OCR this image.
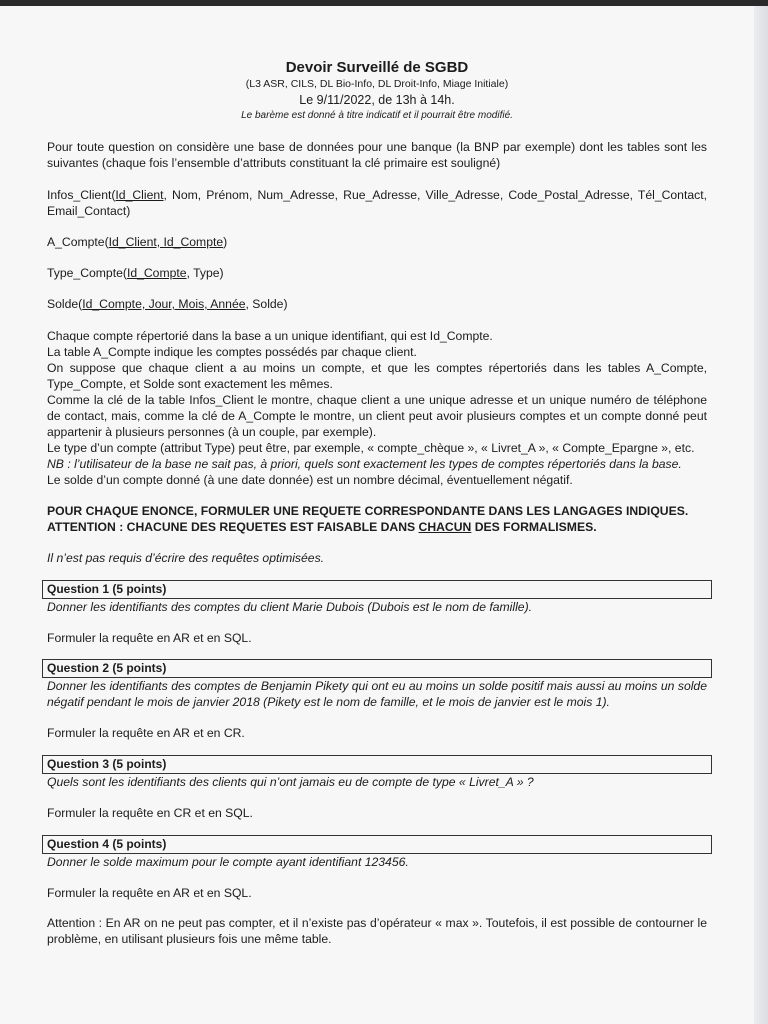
Devoir Surveillé de SGBD
(L3 ASR, CILS, DL Bio-Info, DL Droit-Info, Miage Initiale)
Le 9/11/2022, de 13h à 14h.
Le barème est donné à titre indicatif et il pourrait être modifié.

Pour toute question on considère une base de données pour une banque (la BNP par exemple) dont les tables sont les suivantes (chaque fois l’ensemble d’attributs constituant la clé primaire est souligné)

Infos_Client(Id_Client, Nom, Prénom, Num_Adresse, Rue_Adresse, Ville_Adresse, Code_Postal_Adresse, Tél_Contact, Email_Contact)

A_Compte(Id_Client, Id_Compte)

Type_Compte(Id_Compte, Type)

Solde(Id_Compte, Jour, Mois, Année, Solde)

Chaque compte répertorié dans la base a un unique identifiant, qui est Id_Compte.

La table A_Compte indique les comptes possédés par chaque client.

On suppose que chaque client a au moins un compte, et que les comptes répertoriés dans les tables A_Compte, Type_Compte, et Solde sont exactement les mêmes.

Comme la clé de la table Infos_Client le montre, chaque client a une unique adresse et un unique numéro de téléphone de contact, mais, comme la clé de A_Compte le montre, un client peut avoir plusieurs comptes et un compte donné peut appartenir à plusieurs personnes (à un couple, par exemple).

Le type d’un compte (attribut Type) peut être, par exemple, « compte_chèque », « Livret_A », « Compte_Epargne », etc.

NB : l’utilisateur de la base ne sait pas, à priori, quels sont exactement les types de comptes répertoriés dans la base.

Le solde d’un compte donné (à une date donnée) est un nombre décimal, éventuellement négatif.

POUR CHAQUE ENONCE, FORMULER UNE REQUETE CORRESPONDANTE DANS LES LANGAGES INDIQUES.

ATTENTION : CHACUNE DES REQUETES EST FAISABLE DANS CHACUN DES FORMALISMES.

Il n’est pas requis d’écrire des requêtes optimisées.

Question 1 (5 points)

Donner les identifiants des comptes du client Marie Dubois (Dubois est le nom de famille).

Formuler la requête en AR et en SQL.

Question 2 (5 points)

Donner les identifiants des comptes de Benjamin Pikety qui ont eu au moins un solde positif mais aussi au moins un solde négatif pendant le mois de janvier 2018 (Pikety est le nom de famille, et le mois de janvier est le mois 1).

Formuler la requête en AR et en CR.

Question 3 (5 points)

Quels sont les identifiants des clients qui n’ont jamais eu de compte de type « Livret_A » ?

Formuler la requête en CR et en SQL.

Question 4 (5 points)

Donner le solde maximum pour le compte ayant identifiant 123456.

Formuler la requête en AR et en SQL.

Attention : En AR on ne peut pas compter, et il n’existe pas d’opérateur « max ». Toutefois, il est possible de contourner le problème, en utilisant plusieurs fois une même table.
